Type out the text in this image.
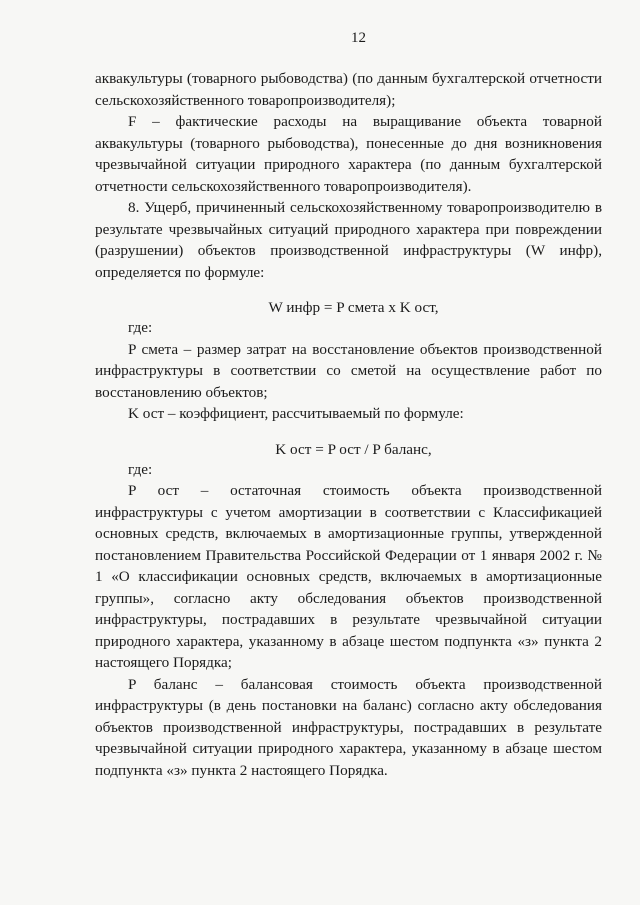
12

аквакультуры (товарного рыбоводства) (по данным бухгалтерской отчетности сельскохозяйственного товаропроизводителя);

F – фактические расходы на выращивание объекта товарной аквакультуры (товарного рыбоводства), понесенные до дня возникновения чрезвычайной ситуации природного характера (по данным бухгалтерской отчетности сельскохозяйственного товаропроизводителя).

8. Ущерб, причиненный сельскохозяйственному товаропроизводителю в результате чрезвычайных ситуаций природного характера при повреждении (разрушении) объектов производственной инфраструктуры (W инфр), определяется по формуле:

W инфр = P смета x K ост,

где:

P смета – размер затрат на восстановление объектов производственной инфраструктуры в соответствии со сметой на осуществление работ по восстановлению объектов;

K ост – коэффициент, рассчитываемый по формуле:

K ост = P ост / P баланс,

где:

P ост – остаточная стоимость объекта производственной инфраструктуры с учетом амортизации в соответствии с Классификацией основных средств, включаемых в амортизационные группы, утвержденной постановлением Правительства Российской Федерации от 1 января 2002 г. № 1 «О классификации основных средств, включаемых в амортизационные группы», согласно акту обследования объектов производственной инфраструктуры, пострадавших в результате чрезвычайной ситуации природного характера, указанному в абзаце шестом подпункта «з» пункта 2 настоящего Порядка;

P баланс – балансовая стоимость объекта производственной инфраструктуры (в день постановки на баланс) согласно акту обследования объектов производственной инфраструктуры, пострадавших в результате чрезвычайной ситуации природного характера, указанному в абзаце шестом подпункта «з» пункта 2 настоящего Порядка.
